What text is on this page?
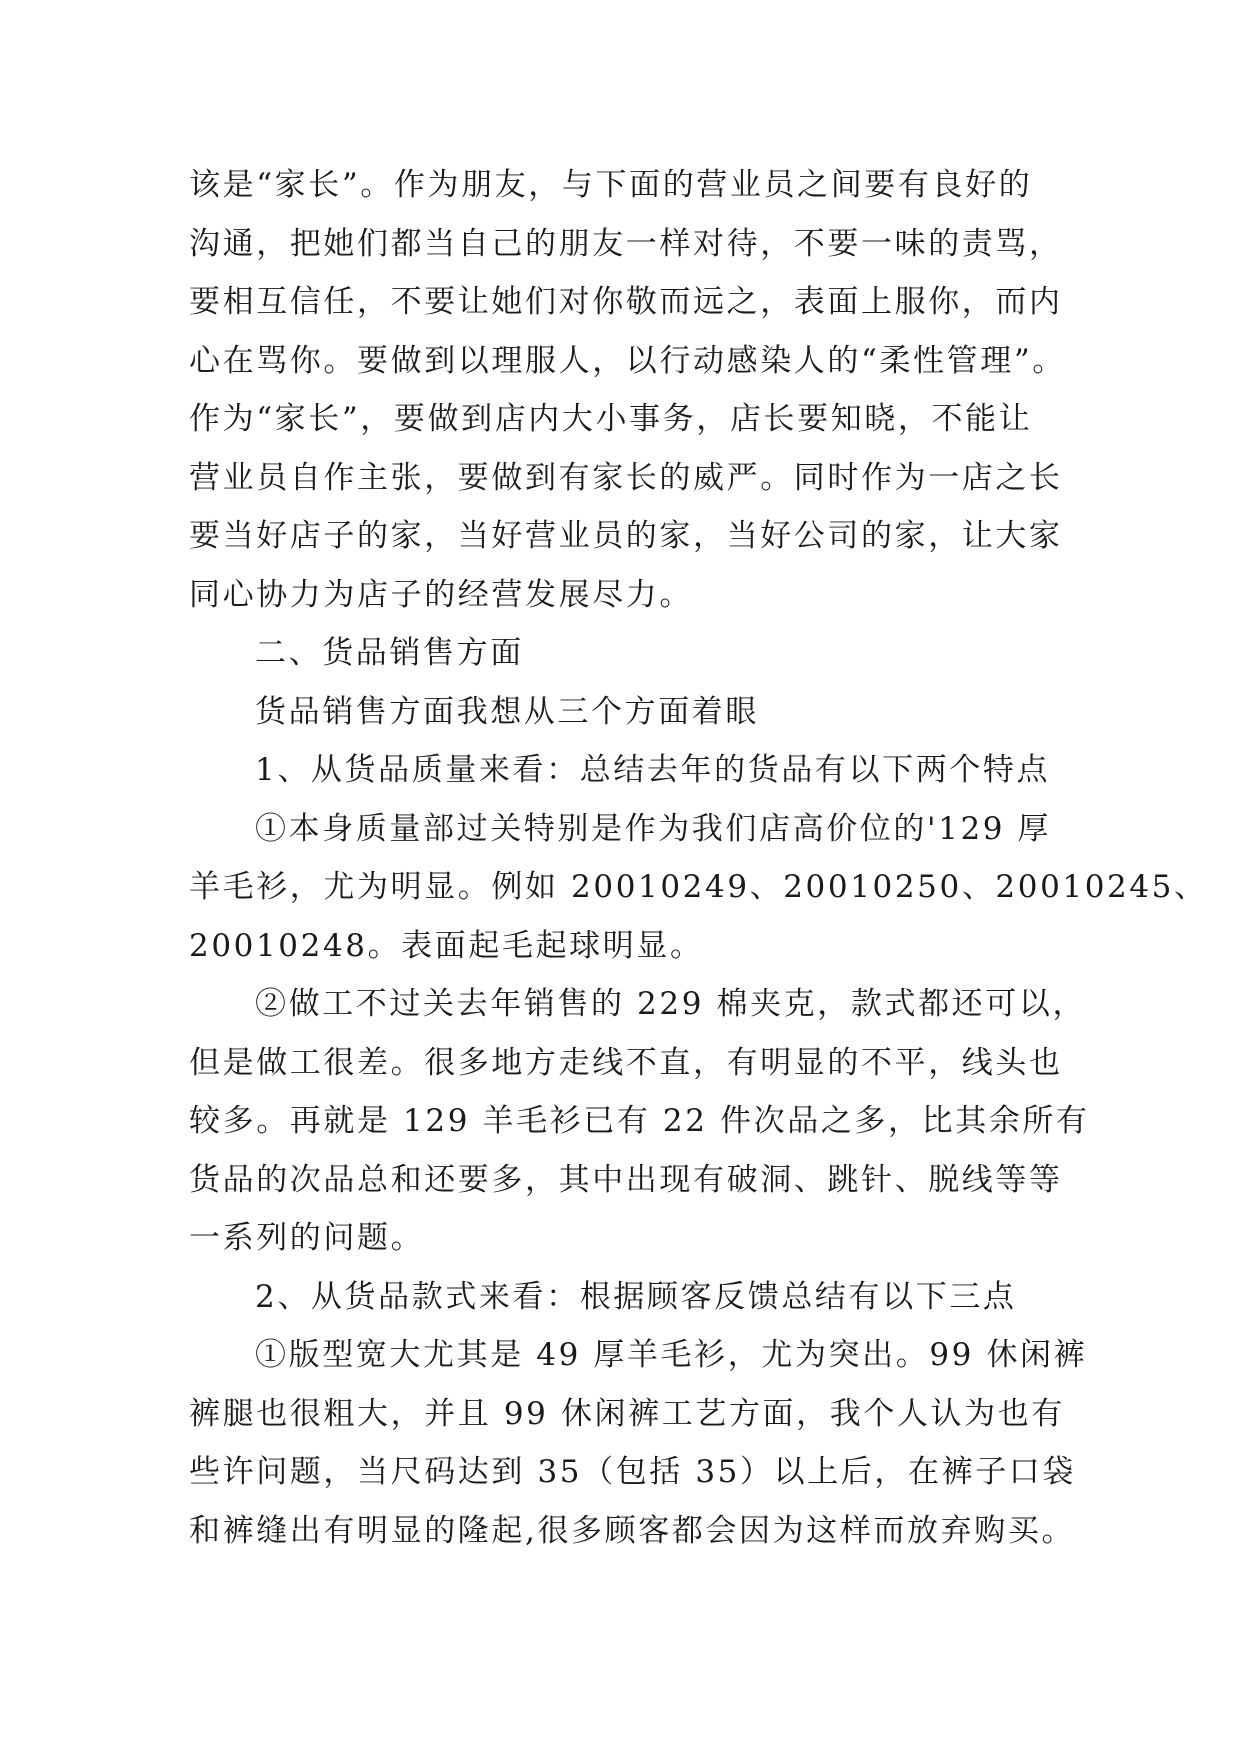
该是“家长”。作为朋友，与下面的营业员之间要有良好的
沟通，把她们都当自己的朋友一样对待，不要一味的责骂，
要相互信任，不要让她们对你敬而远之，表面上服你，而内
心在骂你。要做到以理服人，以行动感染人的“柔性管理”。
作为“家长”，要做到店内大小事务，店长要知晓，不能让
营业员自作主张，要做到有家长的威严。同时作为一店之长
要当好店子的家，当好营业员的家，当好公司的家，让大家
同心协力为店子的经营发展尽力。
二、货品销售方面
货品销售方面我想从三个方面着眼
1、从货品质量来看：总结去年的货品有以下两个特点
①本身质量部过关特别是作为我们店高价位的'129 厚
羊毛衫，尤为明显。例如 20010249、20010250、20010245、
20010248。表面起毛起球明显。
②做工不过关去年销售的 229 棉夹克，款式都还可以，
但是做工很差。很多地方走线不直，有明显的不平，线头也
较多。再就是 129 羊毛衫已有 22 件次品之多，比其余所有
货品的次品总和还要多，其中出现有破洞、跳针、脱线等等
一系列的问题。
2、从货品款式来看：根据顾客反馈总结有以下三点
①版型宽大尤其是 49 厚羊毛衫，尤为突出。99 休闲裤
裤腿也很粗大，并且 99 休闲裤工艺方面，我个人认为也有
些许问题，当尺码达到 35（包括 35）以上后，在裤子口袋
和裤缝出有明显的隆起,很多顾客都会因为这样而放弃购买。
